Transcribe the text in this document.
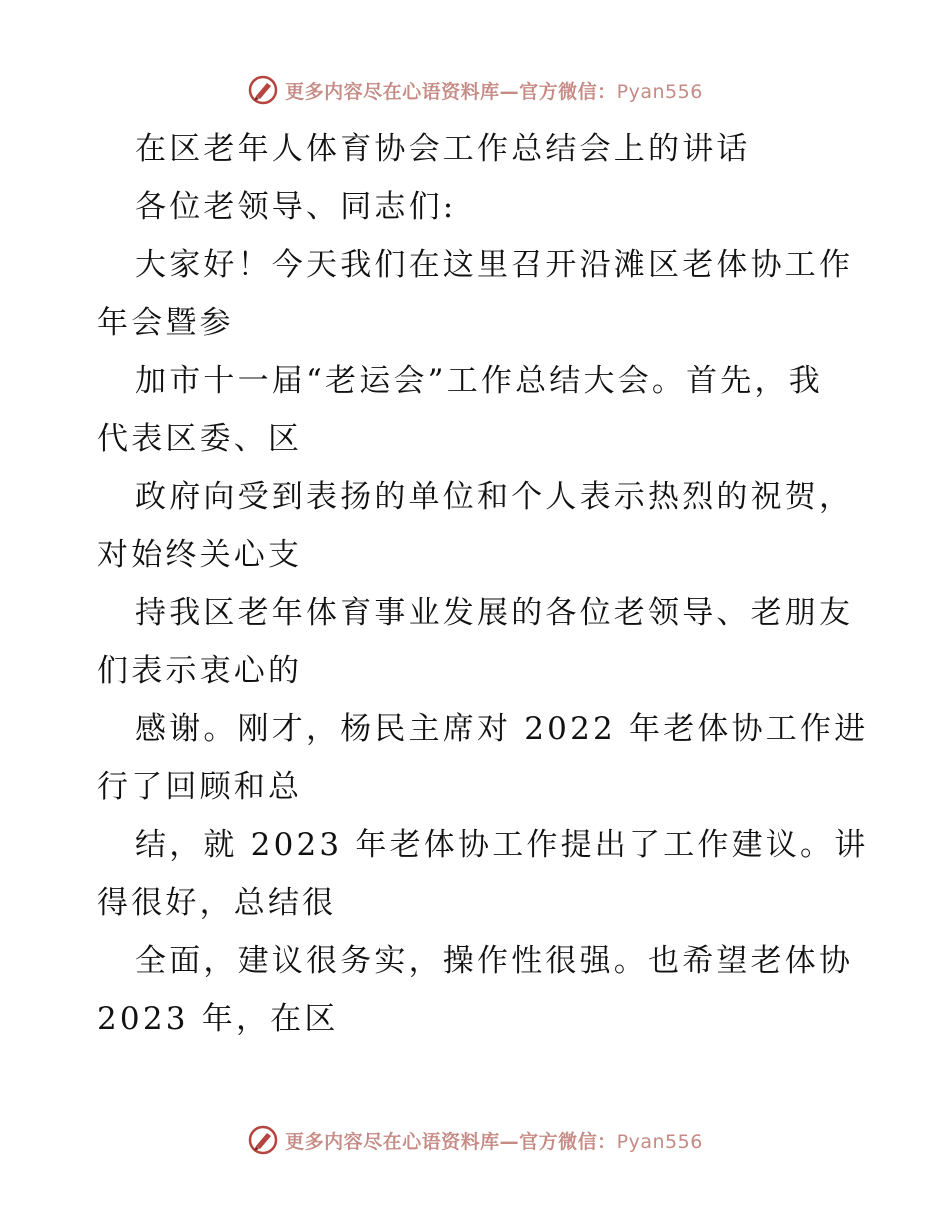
更多内容尽在心语资料库—官方微信：Pyan556
在区老年人体育协会工作总结会上的讲话
各位老领导、同志们:
大家好！今天我们在这里召开沿滩区老体协工作
年会暨参
加市十一届“老运会”工作总结大会。首先，我
代表区委、区
政府向受到表扬的单位和个人表示热烈的祝贺，
对始终关心支
持我区老年体育事业发展的各位老领导、老朋友
们表示衷心的
感谢。刚才，杨民主席对 2022 年老体协工作进
行了回顾和总
结，就 2023 年老体协工作提出了工作建议。讲
得很好，总结很
全面，建议很务实，操作性很强。也希望老体协
2023 年，在区
更多内容尽在心语资料库—官方微信：Pyan556
